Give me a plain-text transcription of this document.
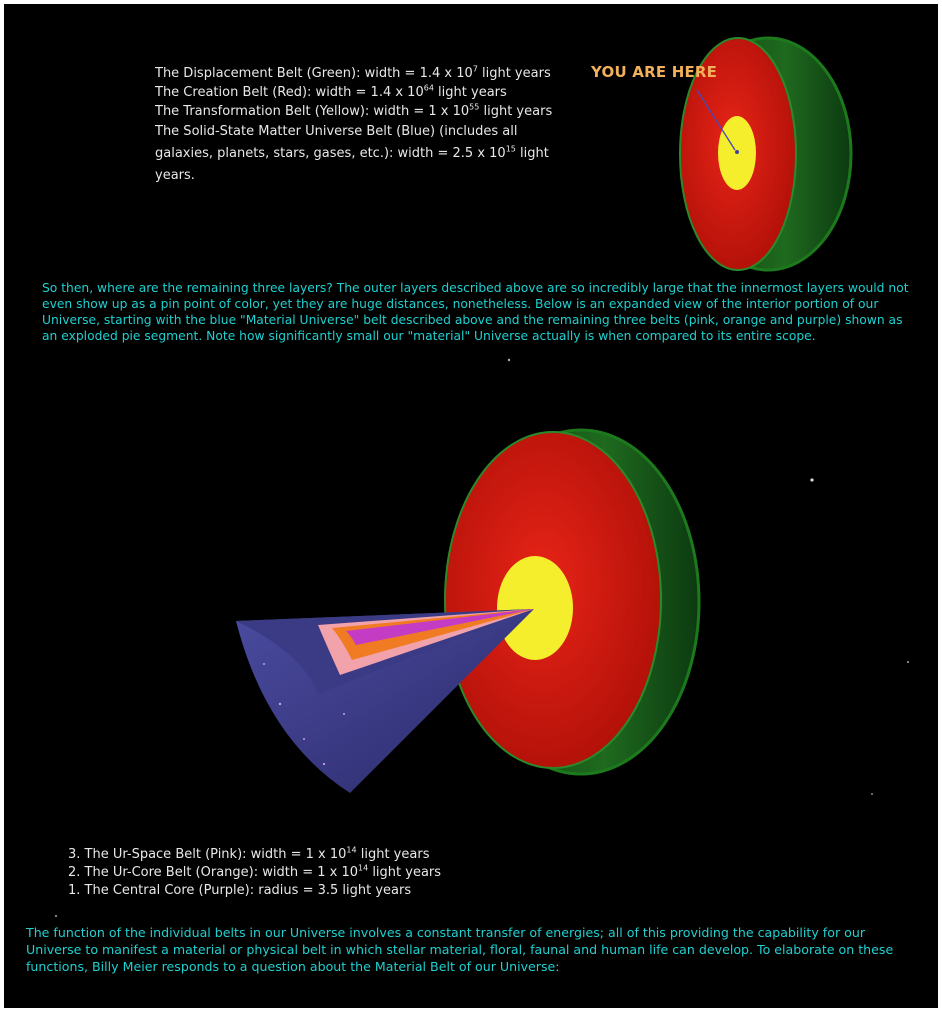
The Displacement Belt (Green): width = 1.4 x $10^7$ light years
The Creation Belt (Red): width = 1.4 x $10^{64}$ light years
The Transformation Belt (Yellow): width = 1 x $10^{55}$ light years
The Solid-State Matter Universe Belt (Blue) (includes all galaxies, planets, stars, gases, etc.): width = 2.5 x $10^{15}$ light years.
YOU ARE HERE

So then, where are the remaining three layers? The outer layers described above are so incredibly large that the innermost layers would not even show up as a pin point of color, yet they are huge distances, nonetheless. Below is an expanded view of the interior portion of our Universe, starting with the blue "Material Universe" belt described above and the remaining three belts (pink, orange and purple) shown as an exploded pie segment. Note how significantly small our "material" Universe actually is when compared to its entire scope.

3. The Ur-Space Belt (Pink): width = 1 x $10^{14}$ light years
2. The Ur-Core Belt (Orange): width = 1 x $10^{14}$ light years
1. The Central Core (Purple): radius = 3.5 light years

The function of the individual belts in our Universe involves a constant transfer of energies; all of this providing the capability for our Universe to manifest a material or physical belt in which stellar material, floral, faunal and human life can develop. To elaborate on these functions, Billy Meier responds to a question about the Material Belt of our Universe:
